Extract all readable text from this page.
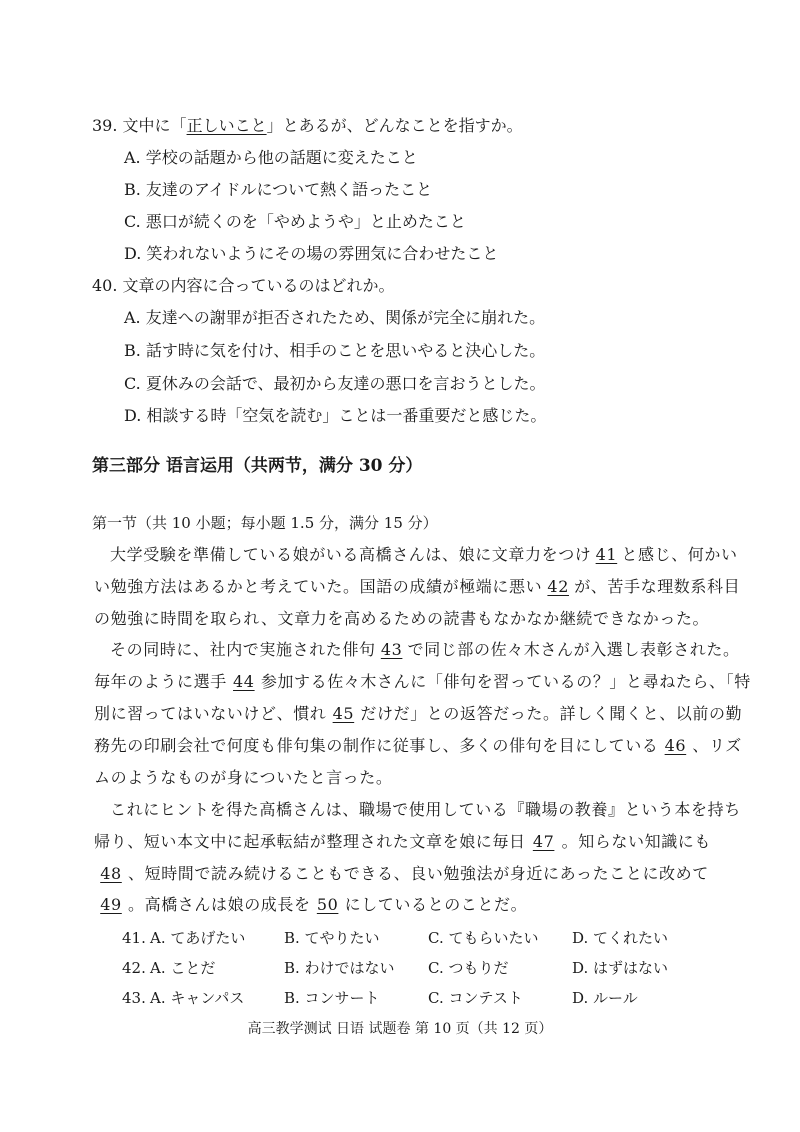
39. 文中に「正しいこと」とあるが、どんなことを指すか。
A. 学校の話題から他の話題に変えたこと
B. 友達のアイドルについて熱く語ったこと
C. 悪口が続くのを「やめようや」と止めたこと
D. 笑われないようにその場の雰囲気に合わせたこと
40. 文章の内容に合っているのはどれか。
A. 友達への謝罪が拒否されたため、関係が完全に崩れた。
B. 話す時に気を付け、相手のことを思いやると決心した。
C. 夏休みの会話で、最初から友達の悪口を言おうとした。
D. 相談する時「空気を読む」ことは一番重要だと感じた。
第三部分 语言运用（共两节，满分 30 分）
第一节（共 10 小题；每小题 1.5 分，满分 15 分）
大学受験を準備している娘がいる高橋さんは、娘に文章力をつけ 41 と感じ、何かい
い勉強方法はあるかと考えていた。国語の成績が極端に悪い 42 が、苦手な理数系科目
の勉強に時間を取られ、文章力を高めるための読書もなかなか継続できなかった。
その同時に、社内で実施された俳句 43 で同じ部の佐々木さんが入選し表彰された。
毎年のように選手 44 参加する佐々木さんに「俳句を習っているの？」と尋ねたら、「特
別に習ってはいないけど、慣れ 45 だけだ」との返答だった。詳しく聞くと、以前の勤
務先の印刷会社で何度も俳句集の制作に従事し、多くの俳句を目にしている 46 、リズ
ムのようなものが身についたと言った。
これにヒントを得た高橋さんは、職場で使用している『職場の教養』という本を持ち
帰り、短い本文中に起承転結が整理された文章を娘に毎日 47 。知らない知識にも
48 、短時間で読み続けることもできる、良い勉強法が身近にあったことに改めて
49 。高橋さんは娘の成長を 50 にしているとのことだ。
41. A. てあげたい	B. てやりたい	C. てもらいたい D. てくれたい
42. A. ことだ	B. わけではない C. つもりだ	D. はずはない
43. A. キャンパス	B. コンサート	C. コンテスト	D. ルール
高三教学测试 日语 试题卷 第 10 页（共 12 页）
